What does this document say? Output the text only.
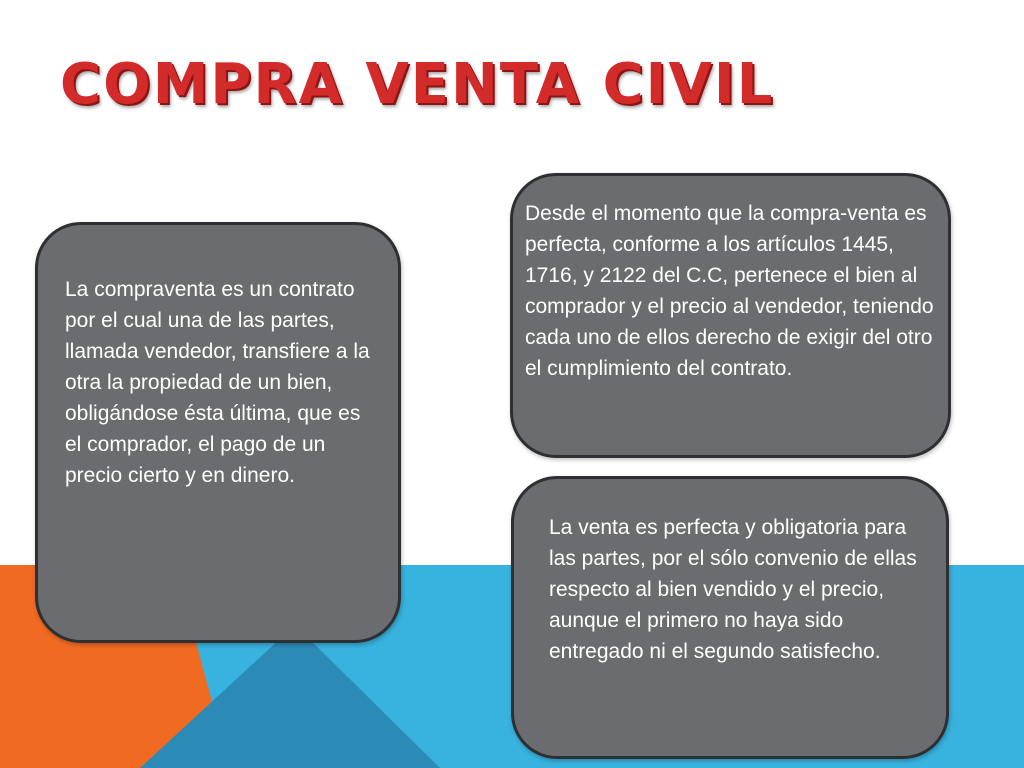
COMPRA VENTA CIVIL

La compraventa es un contrato por el cual una de las partes, llamada vendedor, transfiere a la otra la propiedad de un bien, obligándose ésta última, que es el comprador, el pago de un precio cierto y en dinero.

Desde el momento que la compra-venta es perfecta, conforme a los artículos 1445, 1716, y 2122 del C.C, pertenece el bien al comprador y el precio al vendedor, teniendo cada uno de ellos derecho de exigir del otro el cumplimiento del contrato.

La venta es perfecta y obligatoria para las partes, por el sólo convenio de ellas respecto al bien vendido y el precio, aunque el primero no haya sido entregado ni el segundo satisfecho.
